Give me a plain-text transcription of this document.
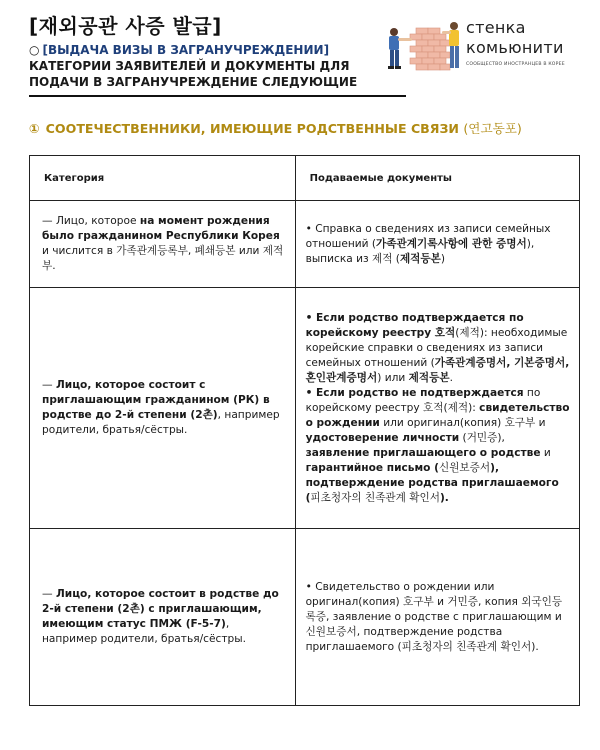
[재외공관 사증 발급]
○ [ВЫДАЧА ВИЗЫ В ЗАГРАНУЧРЕЖДЕНИИ]
КАТЕГОРИИ ЗАЯВИТЕЛЕЙ И ДОКУМЕНТЫ ДЛЯ ПОДАЧИ В ЗАГРАНУЧРЕЖДЕНИЕ СЛЕДУЮЩИЕ
стенка
комьюнити
СООБЩЕСТВО ИНОСТРАНЦЕВ В КОРЕЕ
① СООТЕЧЕСТВЕННИКИ, ИМЕЮЩИЕ РОДСТВЕННЫЕ СВЯЗИ (연고동포)
Категория	Подаваемые документы
— Лицо, которое на момент рождения было гражданином Республики Корея и числится в 가족관계등록부, 폐쇄등본 или 제적부.	• Справка о сведениях из записи семейных отношений (가족관계기록사항에 관한 증명서), выписка из 제적 (제적등본)
— Лицо, которое состоит с приглашающим гражданином (РК) в родстве до 2-й степени (2촌), например родители, братья/сёстры.	• Если родство подтверждается по корейскому реестру 호적(제적): необходимые корейские справки о сведениях из записи семейных отношений (가족관계증명서, 기본증명서, 혼인관계증명서) или 제적등본.
• Если родство не подтверждается по корейскому реестру 호적(제적): свидетельство о рождении или оригинал(копия) 호구부 и удостоверение личности (거민증), заявление приглашающего о родстве и гарантийное письмо (신원보증서), подтверждение родства приглашаемого (피초청자의 친족관계 확인서).
— Лицо, которое состоит в родстве до 2-й степени (2촌) с приглашающим, имеющим статус ПМЖ (F-5-7), например родители, братья/сёстры.	• Свидетельство о рождении или оригинал(копия) 호구부 и 거민증, копия 외국인등록증, заявление о родстве с приглашающим и 신원보증서, подтверждение родства приглашаемого (피초청자의 친족관계 확인서).
